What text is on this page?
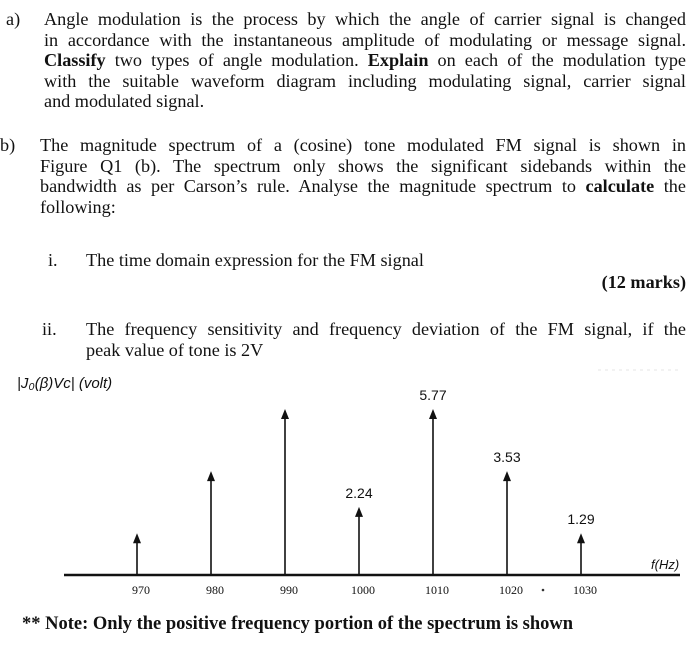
a) Angle modulation is the process by which the angle of carrier signal is changed
in accordance with the instantaneous amplitude of modulating or message signal.
Classify two types of angle modulation. Explain on each of the modulation type
with the suitable waveform diagram including modulating signal, carrier signal
and modulated signal.
b) The magnitude spectrum of a (cosine) tone modulated FM signal is shown in
Figure Q1 (b). The spectrum only shows the significant sidebands within the
bandwidth as per Carson’s rule. Analyse the magnitude spectrum to calculate the
following:
i. The time domain expression for the FM signal
(12 marks)
ii. The frequency sensitivity and frequency deviation of the FM signal, if the
peak value of tone is 2V
|J₀(β)Vc| (volt)
f(Hz)
2.24
5.77
3.53
1.29
970	980	990	1000	1010	1020	1030
** Note: Only the positive frequency portion of the spectrum is shown
